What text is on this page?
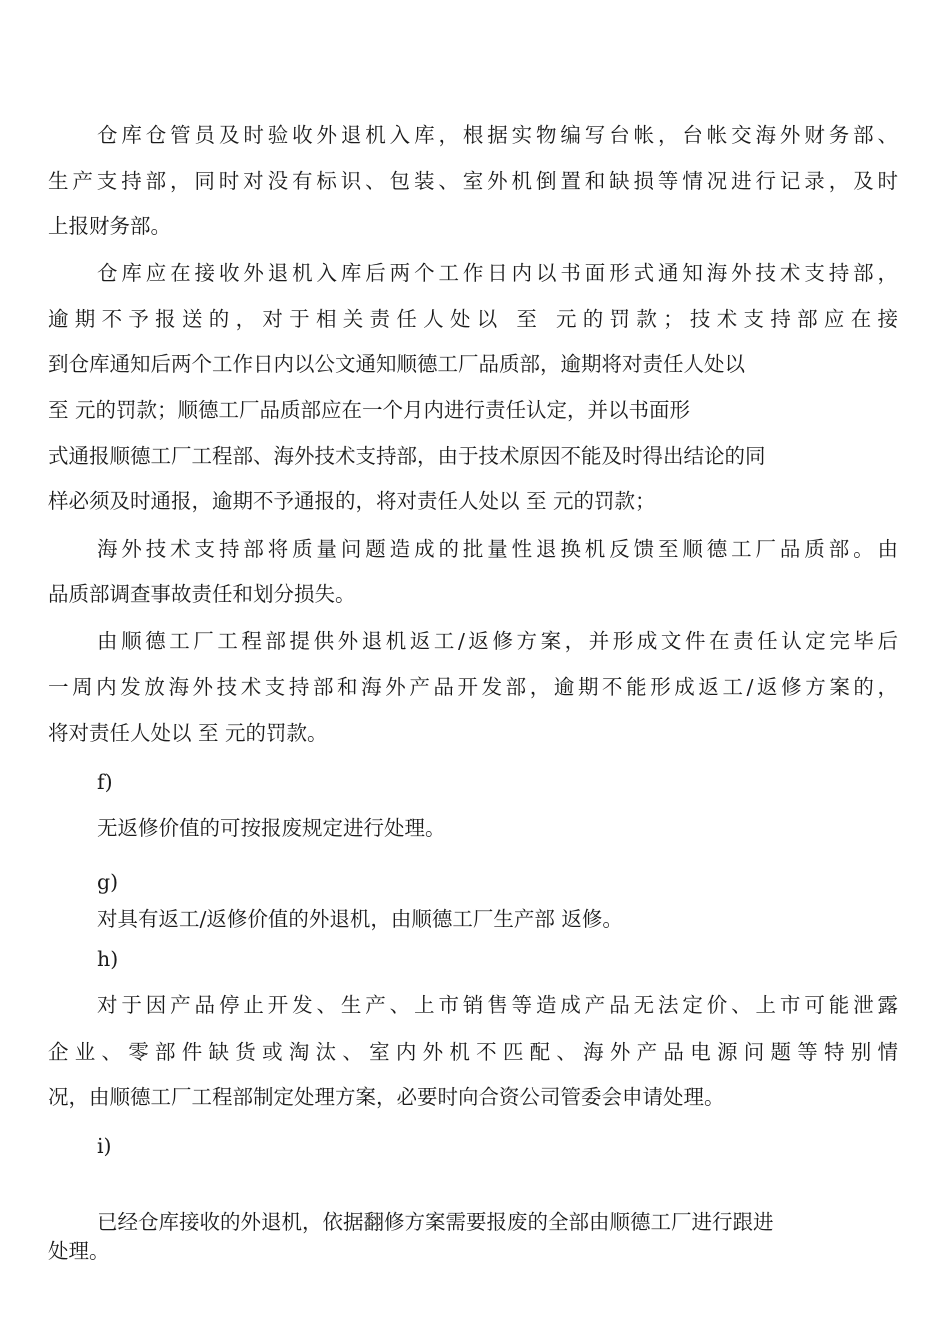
仓库仓管员及时验收外退机入库，根据实物编写台帐，台帐交海外财务部、

生产支持部，同时对没有标识、包装、室外机倒置和缺损等情况进行记录，及时

上报财务部。

仓库应在接收外退机入库后两个工作日内以书面形式通知海外技术支持部，

逾期不予报送的，对于相关责任人处以 至 元的罚款；技术支持部应在接

到仓库通知后两个工作日内以公文通知顺德工厂品质部，逾期将对责任人处以

至 元的罚款；顺德工厂品质部应在一个月内进行责任认定，并以书面形

式通报顺德工厂工程部、海外技术支持部，由于技术原因不能及时得出结论的同

样必须及时通报，逾期不予通报的，将对责任人处以 至 元的罚款；

海外技术支持部将质量问题造成的批量性退换机反馈至顺德工厂品质部。由

品质部调查事故责任和划分损失。

由顺德工厂工程部提供外退机返工/返修方案，并形成文件在责任认定完毕后

一周内发放海外技术支持部和海外产品开发部，逾期不能形成返工/返修方案的，

将对责任人处以 至 元的罚款。

f)

无返修价值的可按报废规定进行处理。

g)

对具有返工/返修价值的外退机，由顺德工厂生产部 返修。

h)

对于因产品停止开发、生产、上市销售等造成产品无法定价、上市可能泄露

企业、零部件缺货或淘汰、室内外机不匹配、海外产品电源问题等特别情

况，由顺德工厂工程部制定处理方案，必要时向合资公司管委会申请处理。

i)

已经仓库接收的外退机，依据翻修方案需要报废的全部由顺德工厂进行跟进

处理。
